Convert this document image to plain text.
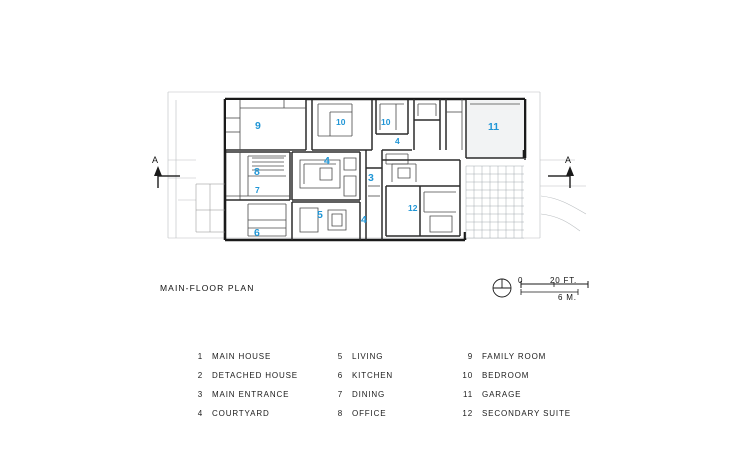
A	A
9	10	10
4
11
4
8
7
3
5	4
12
6
MAIN-FLOOR PLAN
0	20 FT.
6 M.
1	MAIN HOUSE
2	DETACHED HOUSE
3	MAIN ENTRANCE
4	COURTYARD
5	LIVING
6	KITCHEN
7	DINING
8	OFFICE
9	FAMILY ROOM
10	BEDROOM
11	GARAGE
12	SECONDARY SUITE
